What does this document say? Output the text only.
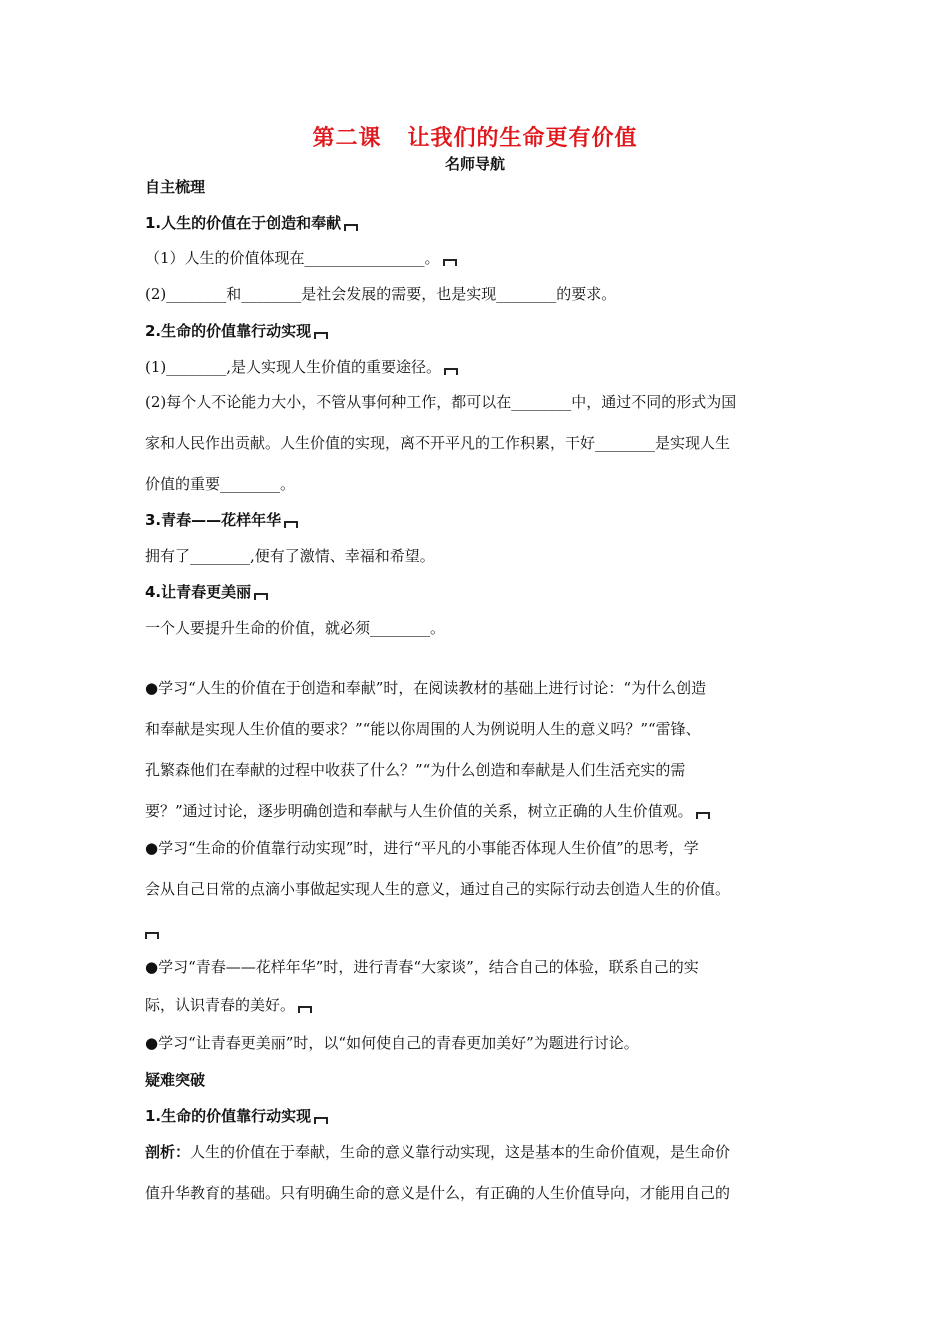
第二课 让我们的生命更有价值
名师导航
自主梳理
1.人生的价值在于创造和奉献
（1）人生的价值体现在________________。
(2)________和________是社会发展的需要，也是实现________的要求。
2.生命的价值靠行动实现
(1)________,是人实现人生价值的重要途径。
(2)每个人不论能力大小，不管从事何种工作，都可以在________中，通过不同的形式为国
家和人民作出贡献。人生价值的实现，离不开平凡的工作积累，干好________是实现人生
价值的重要________。
3.青春——花样年华
拥有了________,便有了激情、幸福和希望。
4.让青春更美丽
一个人要提升生命的价值，就必须________。
●学习“人生的价值在于创造和奉献”时，在阅读教材的基础上进行讨论：“为什么创造
和奉献是实现人生价值的要求？”“能以你周围的人为例说明人生的意义吗？”“雷锋、
孔繁森他们在奉献的过程中收获了什么？”“为什么创造和奉献是人们生活充实的需
要？”通过讨论，逐步明确创造和奉献与人生价值的关系，树立正确的人生价值观。
●学习“生命的价值靠行动实现”时，进行“平凡的小事能否体现人生价值”的思考，学
会从自己日常的点滴小事做起实现人生的意义，通过自己的实际行动去创造人生的价值。
●学习“青春——花样年华”时，进行青春“大家谈”，结合自己的体验，联系自己的实
际，认识青春的美好。
●学习“让青春更美丽”时，以“如何使自己的青春更加美好”为题进行讨论。
疑难突破
1.生命的价值靠行动实现
剖析：人生的价值在于奉献，生命的意义靠行动实现，这是基本的生命价值观，是生命价
值升华教育的基础。只有明确生命的意义是什么，有正确的人生价值导向，才能用自己的
